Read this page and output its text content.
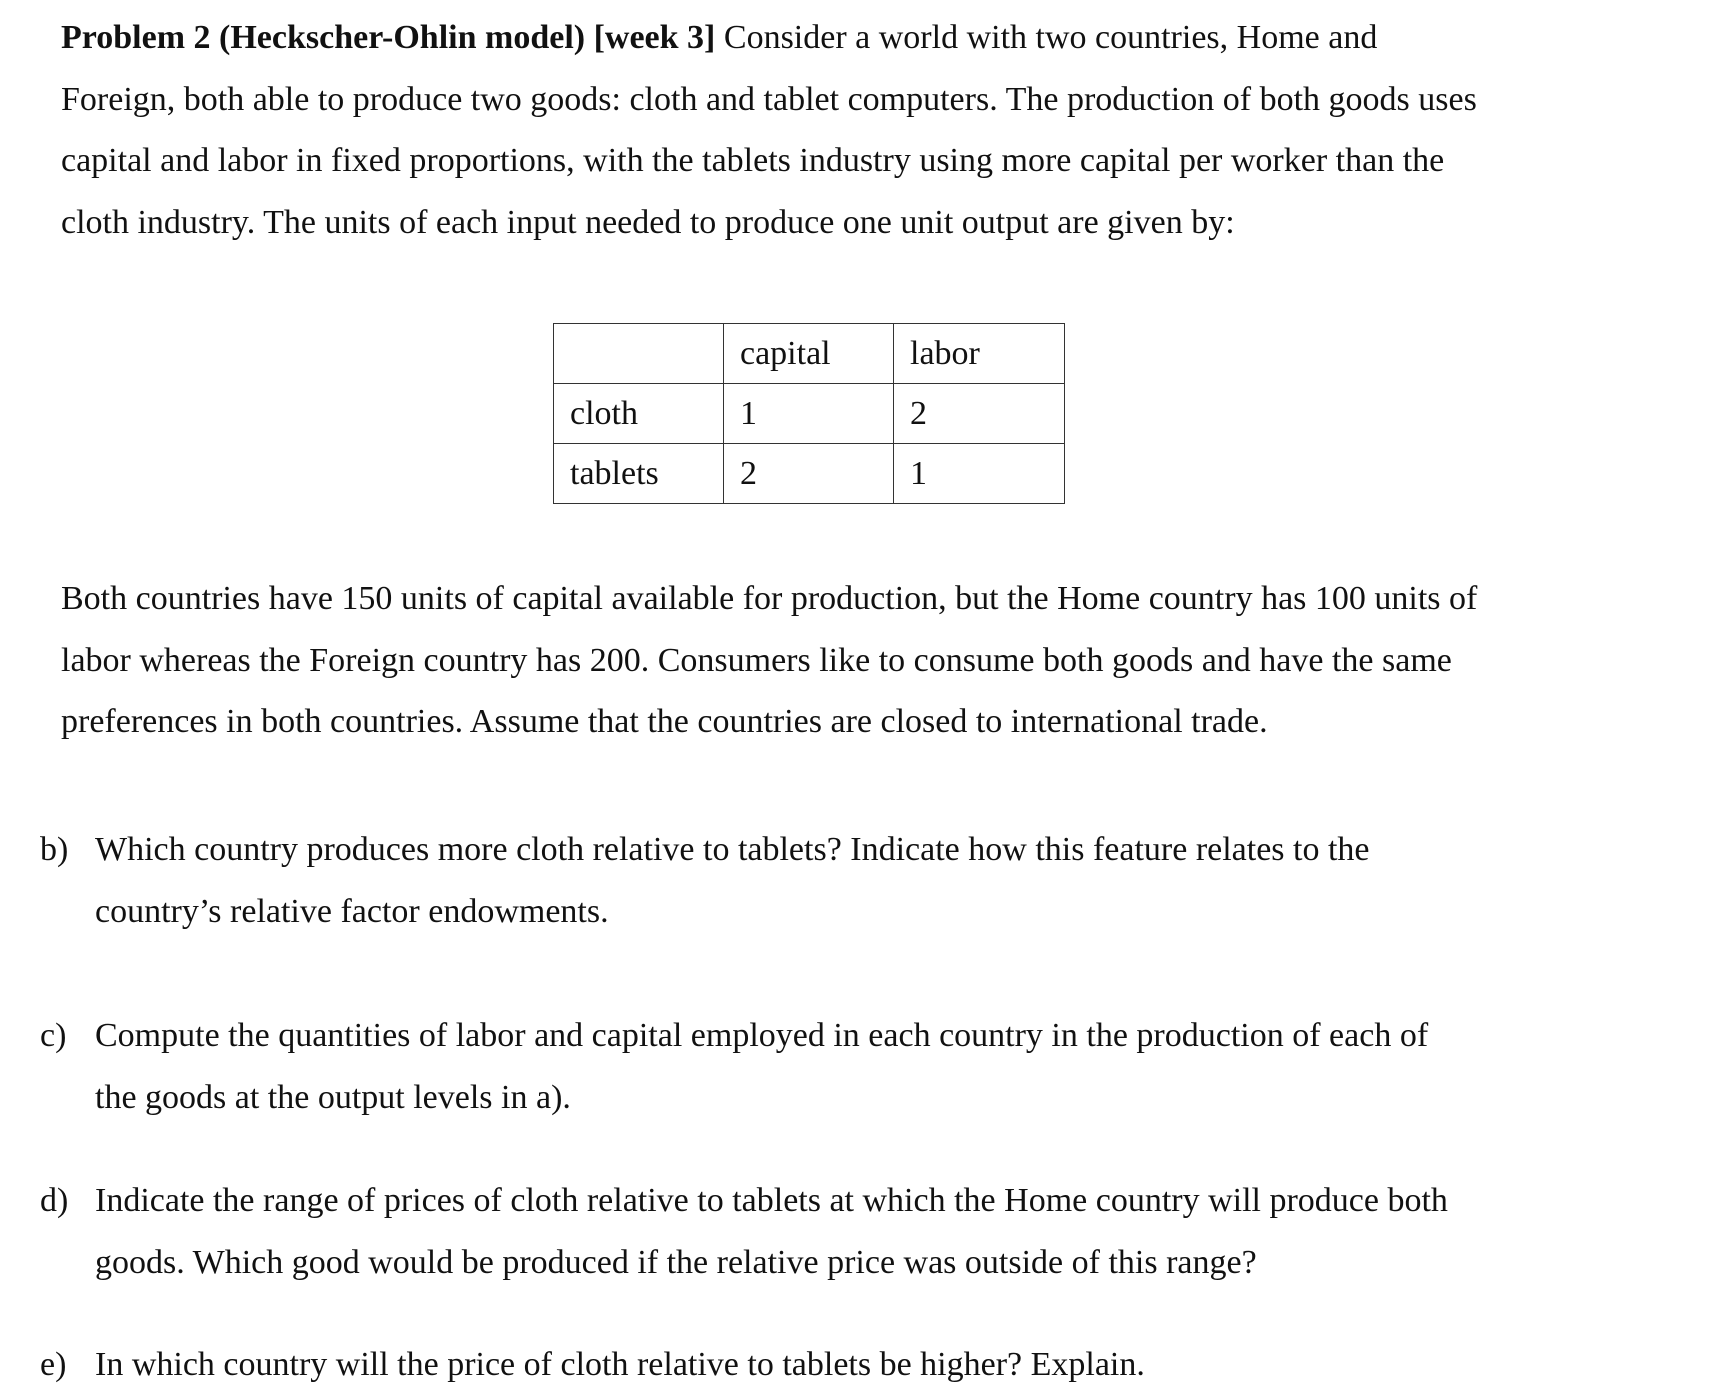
Problem 2 (Heckscher-Ohlin model) [week 3] Consider a world with two countries, Home and
Foreign, both able to produce two goods: cloth and tablet computers. The production of both goods uses
capital and labor in fixed proportions, with the tablets industry using more capital per worker than the
cloth industry. The units of each input needed to produce one unit output are given by:

	capital	labor
cloth	1	2
tablets	2	1

Both countries have 150 units of capital available for production, but the Home country has 100 units of
labor whereas the Foreign country has 200. Consumers like to consume both goods and have the same
preferences in both countries. Assume that the countries are closed to international trade.

b) Which country produces more cloth relative to tablets? Indicate how this feature relates to the
country’s relative factor endowments.
c) Compute the quantities of labor and capital employed in each country in the production of each of
the goods at the output levels in a).
d) Indicate the range of prices of cloth relative to tablets at which the Home country will produce both
goods. Which good would be produced if the relative price was outside of this range?
e) In which country will the price of cloth relative to tablets be higher? Explain.
